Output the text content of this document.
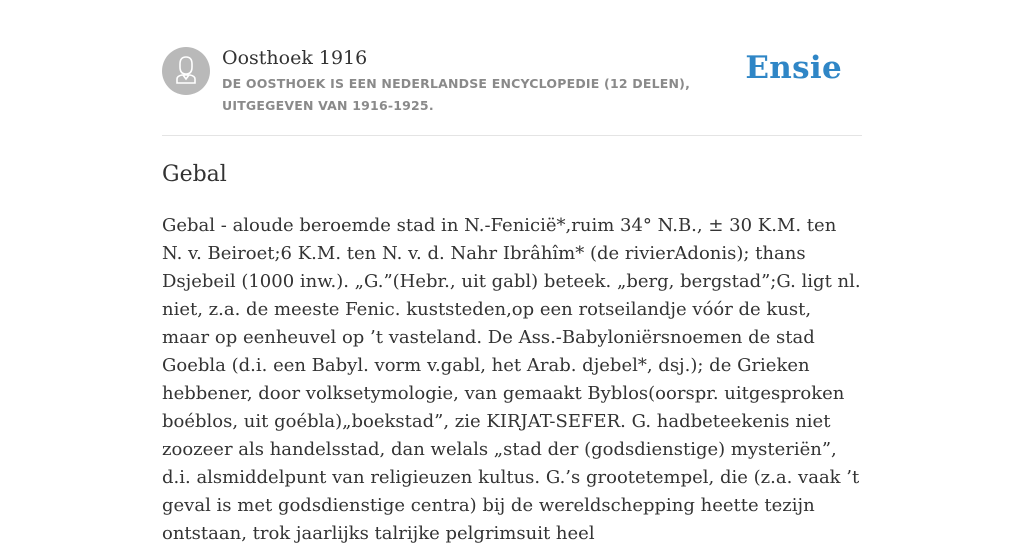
Oosthoek 1916
DE OOSTHOEK IS EEN NEDERLANDSE ENCYCLOPEDIE (12 DELEN), UITGEGEVEN VAN 1916-1925.
Ensie
Gebal
Gebal - aloude beroemde stad in N.-Fenicië*,ruim 34° N.B., ± 30 K.M. ten N. v. Beiroet;6 K.M. ten N. v. d. Nahr Ibrâhîm* (de rivierAdonis); thans Dsjebeil (1000 inw.). „G.”(Hebr., uit gabl) beteek. „berg, bergstad”;G. ligt nl. niet, z.a. de meeste Fenic. kuststeden,op een rotseilandje vóór de kust, maar op eenheuvel op ’t vasteland. De Ass.-Babyloniërsnoemen de stad Goebla (d.i. een Babyl. vorm v.gabl, het Arab. djebel*, dsj.); de Grieken hebbener, door volksetymologie, van gemaakt Byblos(oorspr. uitgesproken boéblos, uit goébla)„boekstad”, zie KIRJAT-SEFER. G. hadbeteekenis niet zoozeer als handelsstad, dan welals „stad der (godsdienstige) mysteriën”, d.i. alsmiddelpunt van religieuzen kultus. G.’s grootetempel, die (z.a. vaak ’t geval is met godsdienstige centra) bij de wereldschepping heette tezijn ontstaan, trok jaarlijks talrijke pelgrimsuit heel
